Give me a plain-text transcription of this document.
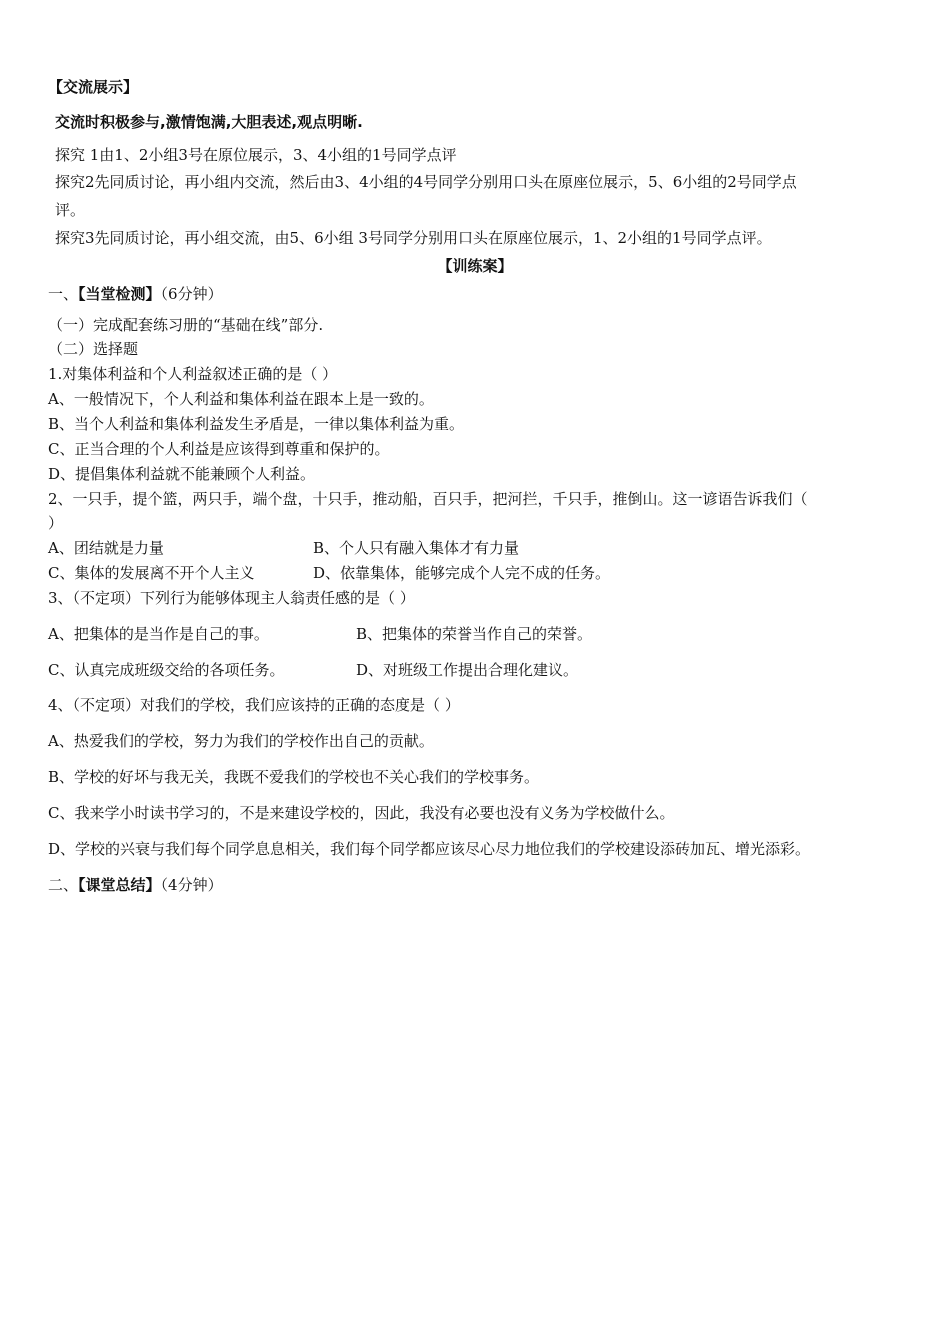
【交流展示】
交流时积极参与,激情饱满,大胆表述,观点明晰.
探究 1由1、2小组3号在原位展示，3、4小组的1号同学点评
探究2先同质讨论，再小组内交流，然后由3、4小组的4号同学分别用口头在原座位展示，5、6小组的2号同学点
评。
探究3先同质讨论，再小组交流，由5、6小组 3号同学分别用口头在原座位展示，1、2小组的1号同学点评。
【训练案】
一、【当堂检测】（6分钟）
（一）完成配套练习册的“基础在线”部分.
（二）选择题
1.对集体利益和个人利益叙述正确的是（ ）
A、一般情况下，个人利益和集体利益在跟本上是一致的。
B、当个人利益和集体利益发生矛盾是，一律以集体利益为重。
C、正当合理的个人利益是应该得到尊重和保护的。
D、提倡集体利益就不能兼顾个人利益。
2、一只手，提个篮，两只手，端个盘，十只手，推动船，百只手，把河拦，千只手，推倒山。这一谚语告诉我们（
）
A、团结就是力量	B、个人只有融入集体才有力量
C、集体的发展离不开个人主义	D、依靠集体，能够完成个人完不成的任务。
3、（不定项）下列行为能够体现主人翁责任感的是（ ）
A、把集体的是当作是自己的事。	B、把集体的荣誉当作自己的荣誉。
C、认真完成班级交给的各项任务。	D、对班级工作提出合理化建议。
4、（不定项）对我们的学校，我们应该持的正确的态度是（ ）
A、热爱我们的学校，努力为我们的学校作出自己的贡献。
B、学校的好坏与我无关，我既不爱我们的学校也不关心我们的学校事务。
C、我来学小时读书学习的，不是来建设学校的，因此，我没有必要也没有义务为学校做什么。
D、学校的兴衰与我们每个同学息息相关，我们每个同学都应该尽心尽力地位我们的学校建设添砖加瓦、增光添彩。
二、【课堂总结】（4分钟）
